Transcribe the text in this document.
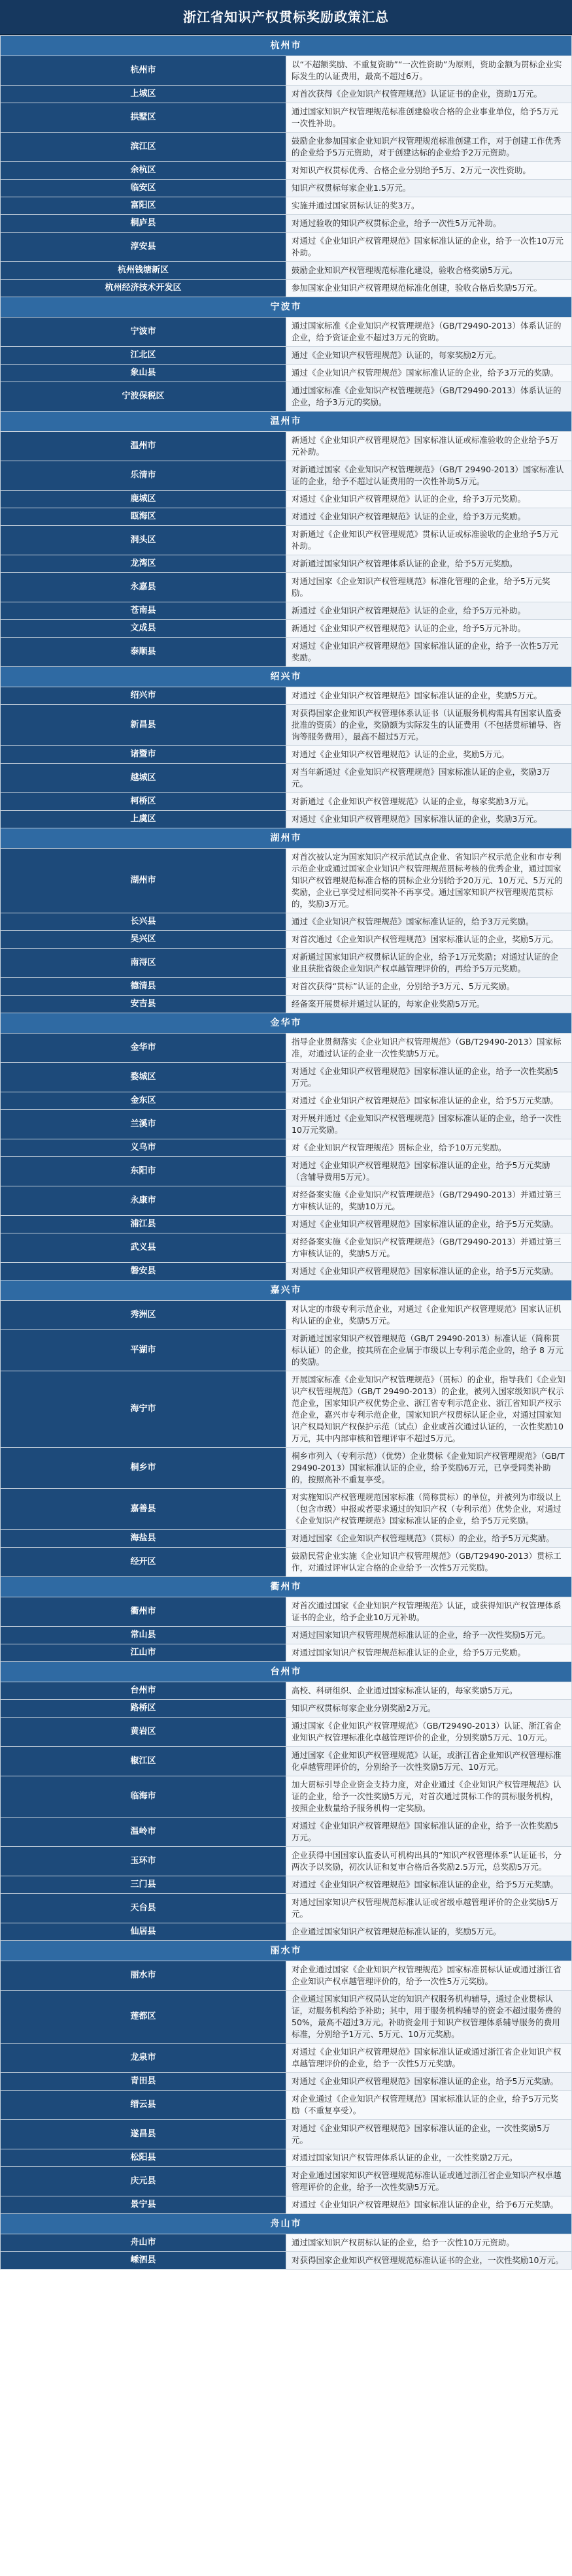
浙江省知识产权贯标奖励政策汇总
杭州市	
杭州市	以“不超额奖励、不重复资助”“一次性资助”为原则，资助金额为贯标企业实际发生的认证费用，最高不超过6万。
上城区	对首次获得《企业知识产权管理规范》认证证书的企业，资助1万元。
拱墅区	通过国家知识产权管理规范标准创建验收合格的企业事业单位，给予5万元一次性补助。
滨江区	鼓励企业参加国家企业知识产权管理规范标准创建工作，对于创建工作优秀的企业给予5万元资助，对于创建达标的企业给予2万元资助。
余杭区	对知识产权贯标优秀、合格企业分别给予5万、2万元一次性资助。
临安区	知识产权贯标每家企业1.5万元。
富阳区	实施并通过国家贯标认证的奖3万。
桐庐县	对通过验收的知识产权贯标企业，给予一次性5万元补助。
淳安县	对通过《企业知识产权管理规范》国家标准认证的企业，给予一次性10万元补助。
杭州钱塘新区	鼓励企业知识产权管理规范标准化建设，验收合格奖励5万元。
杭州经济技术开发区	参加国家企业知识产权管理规范标准化创建，验收合格后奖励5万元。
宁波市	
宁波市	通过国家标准《企业知识产权管理规范》（GB/T29490-2013）体系认证的企业，给予资证企业不超过3万元的资助。
江北区	通过《企业知识产权管理规范》认证的，每家奖励2万元。
象山县	通过《企业知识产权管理规范》国家标准认证的企业，给予3万元的奖励。
宁波保税区	通过国家标准《企业知识产权管理规范》（GB/T29490-2013）体系认证的企业，给予3万元的奖励。
温州市	
温州市	新通过《企业知识产权管理规范》国家标准认证或标准验收的企业给予5万元补助。
乐清市	对新通过国家《企业知识产权管理规范》（GB/T 29490-2013）国家标准认证的企业，给予不超过认证费用的一次性补助5万元。
鹿城区	对通过《企业知识产权管理规范》认证的企业，给予3万元奖励。
瓯海区	对通过《企业知识产权管理规范》认证的企业，给予3万元奖励。
洞头区	对新通过《企业知识产权管理规范》贯标认证或标准验收的企业给予5万元补助。
龙湾区	对新通过国家知识产权管理体系认证的企业，给予5万元奖励。
永嘉县	对通过国家《企业知识产权管理规范》标准化管理的企业，给予5万元奖励。
苍南县	新通过《企业知识产权管理规范》认证的企业，给予5万元补助。
文成县	新通过《企业知识产权管理规范》认证的企业，给予5万元补助。
泰顺县	对通过《企业知识产权管理规范》国家标准认证的企业，给予一次性5万元奖励。
绍兴市	
绍兴市	对通过《企业知识产权管理规范》国家标准认证的企业，奖励5万元。
新昌县	对获得国家企业知识产权管理体系认证书（认证服务机构需具有国家认监委批准的资质）的企业，奖励额为实际发生的认证费用（不包括贯标辅导、咨询等服务费用），最高不超过5万元。
诸暨市	对通过《企业知识产权管理规范》认证的企业，奖励5万元。
越城区	对当年新通过《企业知识产权管理规范》国家标准认证的企业，奖励3万元。
柯桥区	对新通过《企业知识产权管理规范》认证的企业，每家奖励3万元。
上虞区	对通过《企业知识产权管理规范》国家标准认证的企业，奖励3万元。
湖州市	
湖州市	对首次被认定为国家知识产权示范试点企业、省知识产权示范企业和市专利示范企业或通过国家企业知识产权管理规范贯标考核的优秀企业，通过国家知识产权管理规范标准合格的贯标企业分别给予20万元、10万元、5万元的奖励，企业已享受过相同奖补不再享受。通过国家知识产权管理规范贯标的，奖励3万元。
长兴县	通过《企业知识产权管理规范》国家标准认证的，给予3万元奖励。
吴兴区	对首次通过《企业知识产权管理规范》国家标准认证的企业，奖励5万元。
南浔区	对新通过国家知识产权贯标认证的企业，给予1万元奖励；对通过认证的企业且获批省级企业知识产权卓越管理评价的，再给予5万元奖励。
德清县	对首次获得“贯标”认证的企业，分别给予3万元、5万元奖励。
安吉县	经备案开展贯标并通过认证的，每家企业奖励5万元。
金华市	
金华市	指导企业贯彻落实《企业知识产权管理规范》（GB/T29490-2013）国家标准，对通过认证的企业一次性奖励5万元。
婺城区	对通过《企业知识产权管理规范》国家标准认证的企业，给予一次性奖励5万元。
金东区	对通过《企业知识产权管理规范》国家标准认证的企业，给予5万元奖励。
兰溪市	对开展并通过《企业知识产权管理规范》国家标准认证的企业，给予一次性10万元奖励。
义乌市	对《企业知识产权管理规范》贯标企业，给予10万元奖励。
东阳市	对通过《企业知识产权管理规范》国家标准认证的企业，给予5万元奖励（含辅导费用5万元）。
永康市	对经备案实施《企业知识产权管理规范》（GB/T29490-2013）并通过第三方审核认证的，奖励10万元。
浦江县	对通过《企业知识产权管理规范》国家标准认证的企业，给予5万元奖励。
武义县	对经备案实施《企业知识产权管理规范》（GB/T29490-2013）并通过第三方审核认证的，奖励5万元。
磐安县	对通过《企业知识产权管理规范》国家标准认证的企业，给予5万元奖励。
嘉兴市	
秀洲区	对认定的市级专利示范企业，对通过《企业知识产权管理规范》国家认证机构认证的企业，奖励5万元。
平湖市	对新通过国家知识产权管理规范（GB/T 29490-2013）标准认证（简称贯标认证）的企业，按其所在企业属于市级以上专利示范企业的，给予 8 万元的奖励。
海宁市	开展国家标准《企业知识产权管理规范》（贯标）的企业，指导我们《企业知识产权管理规范》（GB/T 29490-2013）的企业，被列入国家级知识产权示范企业，国家知识产权优势企业、浙江省专利示范企业、浙江省知识产权示范企业，嘉兴市专利示范企业，国家知识产权贯标认证企业，对通过国家知识产权局知识产权保护示范（试点）企业或首次通过认证的，一次性奖励10万元，其中内部审核和管理评审不超过5万元。
桐乡市	桐乡市列入（专利示范）（优势）企业贯标《企业知识产权管理规范》（GB/T 29490-2013）国家标准认证的企业，给予奖励6万元，已享受同类补助的，按照高补不重复享受。
嘉善县	对实施知识产权管理规范国家标准（简称贯标）的单位，并被列为市级以上（包含市级）申报或者要求通过的知识产权（专利示范）优势企业，对通过《企业知识产权管理规范》国家标准认证的企业，给予5万元奖励。
海盐县	对通过国家《企业知识产权管理规范》（贯标）的企业，给予5万元奖励。
经开区	鼓励民营企业实施《企业知识产权管理规范》（GB/T29490-2013）贯标工作，对通过评审认定合格的企业给予一次性5万元奖励。
衢州市	
衢州市	对首次通过国家《企业知识产权管理规范》认证，或获得知识产权管理体系证书的企业，给予企业10万元补助。
常山县	对通过国家知识产权管理规范标准认证的企业，给予一次性奖励5万元。
江山市	对通过国家知识产权管理规范标准认证的企业，给予5万元奖励。
台州市	
台州市	高校、科研组织、企业通过国家标准认证的，每家奖励5万元。
路桥区	知识产权贯标每家企业分别奖励2万元。
黄岩区	通过国家《企业知识产权管理规范》（GB/T29490-2013）认证、浙江省企业知识产权管理标准化卓越管理评价的企业，分别奖励5万元、10万元。
椒江区	通过国家《企业知识产权管理规范》认证，或浙江省企业知识产权管理标准化卓越管理评价的，分别给予一次性奖励5万元、10万元。
临海市	加大贯标引导企业资金支持力度，对企业通过《企业知识产权管理规范》认证的企业，给予一次性奖励5万元，对首次通过贯标工作的贯标服务机构，按照企业数量给予服务机构一定奖励。
温岭市	对通过《企业知识产权管理规范》国家标准认证的企业，给予一次性奖励5万元。
玉环市	企业获得中国国家认监委认可机构出具的“知识产权管理体系”认证证书，分两次予以奖励，初次认证和复审合格后各奖励2.5万元，总奖励5万元。
三门县	对通过《企业知识产权管理规范》国家标准认证的企业，给予5万元奖励。
天台县	对通过国家知识产权管理规范标准认证或省级卓越管理评价的企业奖励5万元。
仙居县	企业通过国家知识产权管理规范标准认证的，奖励5万元。
丽水市	
丽水市	对企业通过国家《企业知识产权管理规范》国家标准贯标认证或通过浙江省企业知识产权卓越管理评价的，给予一次性5万元奖励。
莲都区	企业通过国家知识产权局认定的知识产权服务机构辅导，通过企业贯标认证，对服务机构给予补助；其中，用于服务机构辅导的资金不超过服务费的50%，最高不超过3万元。补助资金用于知识产权管理体系辅导服务的费用标准，分别给予1万元、5万元、10万元奖励。
龙泉市	对通过《企业知识产权管理规范》国家标准认证或通过浙江省企业知识产权卓越管理评价的企业，给予一次性5万元奖励。
青田县	对通过《企业知识产权管理规范》国家标准认证的企业，给予5万元奖励。
缙云县	对企业通过《企业知识产权管理规范》国家标准认证的企业，给予5万元奖励（不重复享受）。
遂昌县	对通过《企业知识产权管理规范》国家标准认证的企业，一次性奖励5万元。
松阳县	对通过国家知识产权管理体系认证的企业，一次性奖励2万元。
庆元县	对企业通过国家知识产权管理规范标准认证或通过浙江省企业知识产权卓越管理评价的企业，给予一次性奖励5万元。
景宁县	对通过《企业知识产权管理规范》国家标准认证的企业，给予6万元奖励。
舟山市	
舟山市	通过国家知识产权贯标认证的企业，给予一次性10万元资助。
嵊泗县	对获得国家企业知识产权管理规范标准认证书的企业，一次性奖励10万元。
